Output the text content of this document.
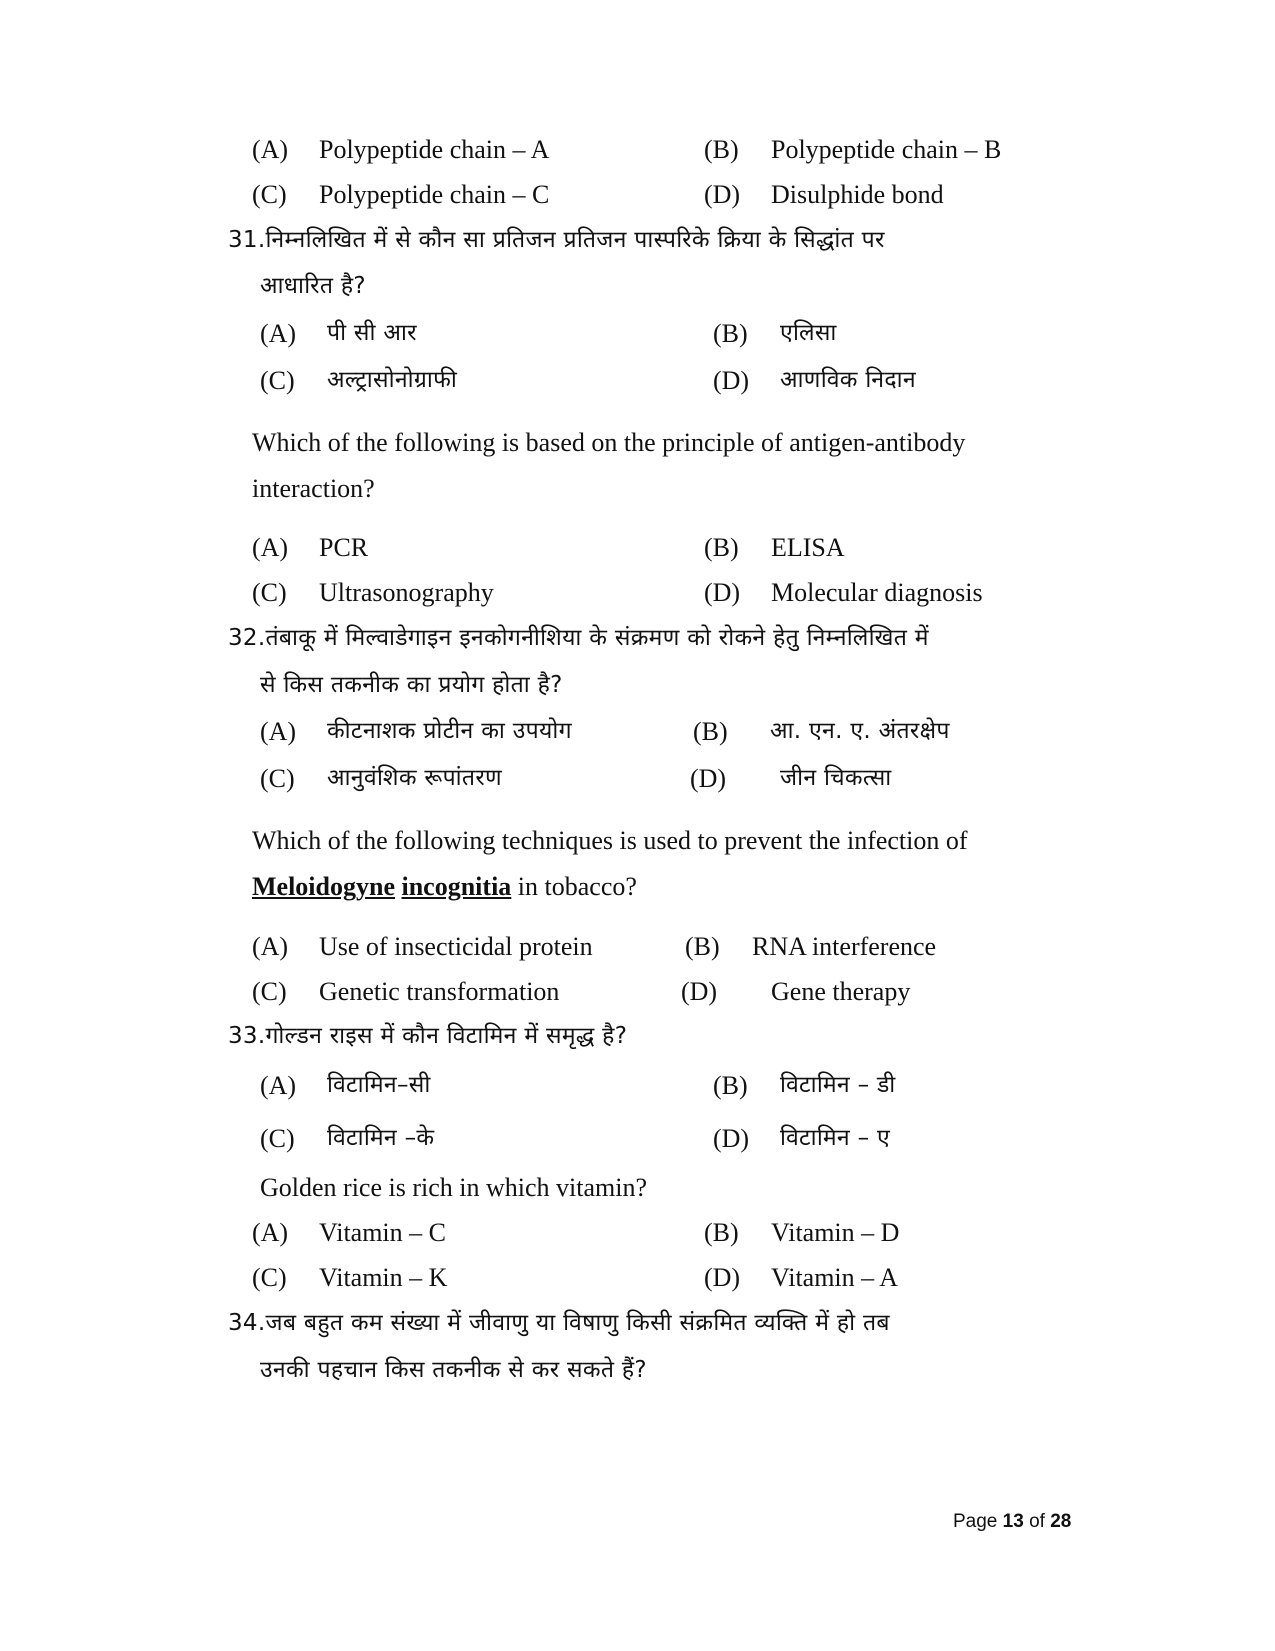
(A) Polypeptide chain – A	(B) Polypeptide chain – B
(C) Polypeptide chain – C	(D) Disulphide bond
31.निम्नलिखित में से कौन सा प्रतिजन प्रतिजन पास्परिके क्रिया के सिद्धांत पर
आधारित है?
(A) पी सी आर	(B) एलिसा
(C) अल्ट्रासोनोग्राफी	(D) आणविक निदान
Which of the following is based on the principle of antigen-antibody
interaction?
(A) PCR	(B) ELISA
(C) Ultrasonography	(D) Molecular diagnosis
32.तंबाकू में मिल्वाडेगाइन इनकोगनीशिया के संक्रमण को रोकने हेतु निम्नलिखित में
से किस तकनीक का प्रयोग होता है?
(A) कीटनाशक प्रोटीन का उपयोग	(B) आ. एन. ए. अंतरक्षेप
(C) आनुवंशिक रूपांतरण	(D) जीन चिकत्सा
Which of the following techniques is used to prevent the infection of
Meloidogyne incognitia in tobacco?
(A) Use of insecticidal protein	(B) RNA interference
(C) Genetic transformation	(D) Gene therapy
33.गोल्डन राइस में कौन विटामिन में समृद्ध है?
(A) विटामिन–सी	(B) विटामिन – डी
(C) विटामिन –के	(D) विटामिन – ए
Golden rice is rich in which vitamin?
(A) Vitamin – C	(B) Vitamin – D
(C) Vitamin – K	(D) Vitamin – A
34.जब बहुत कम संख्या में जीवाणु या विषाणु किसी संक्रमित व्यक्ति में हो तब
उनकी पहचान किस तकनीक से कर सकते हैं?
Page 13 of 28
